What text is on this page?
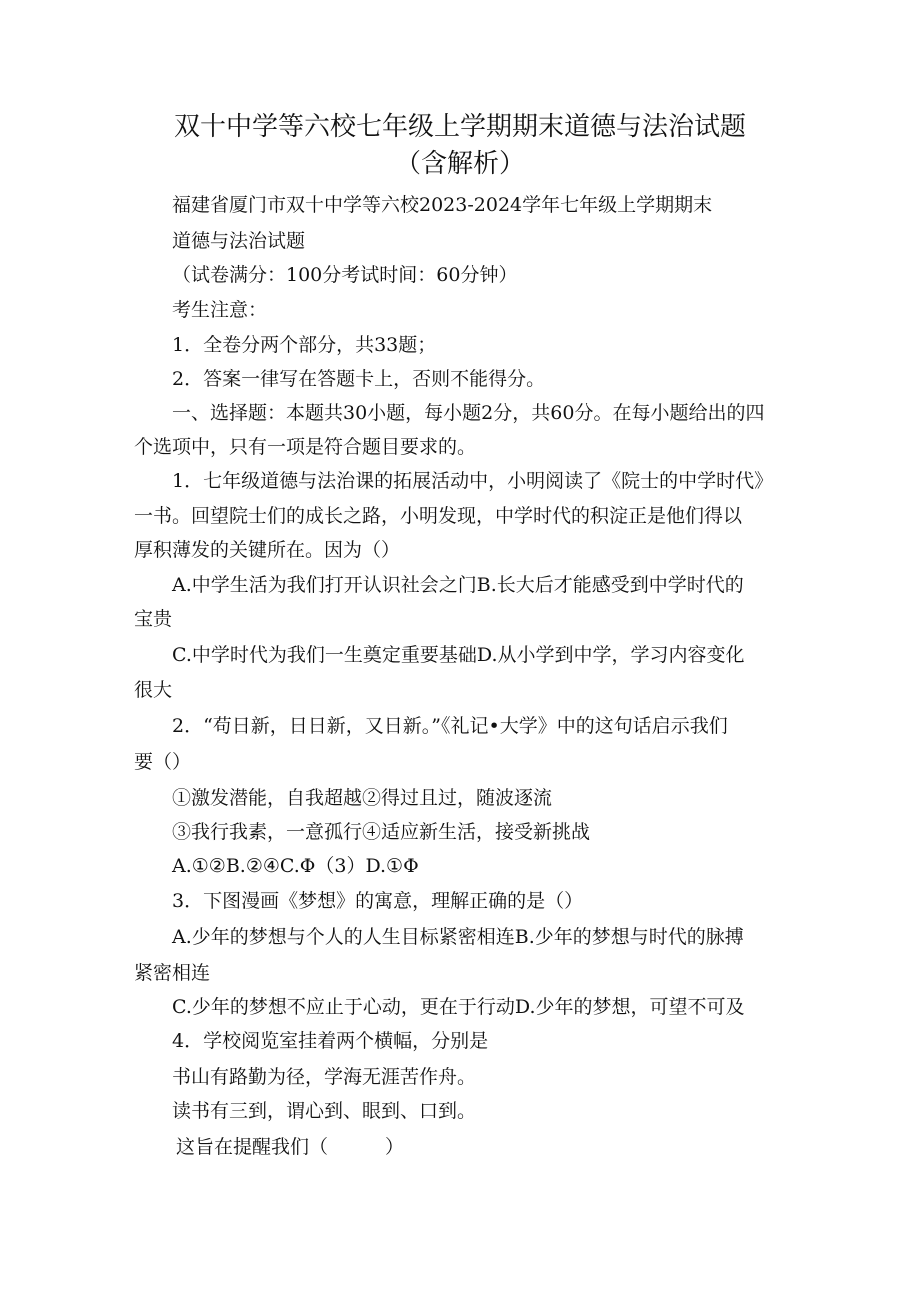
双十中学等六校七年级上学期期末道德与法治试题
（含解析）
福建省厦门市双十中学等六校2023-2024学年七年级上学期期末
道德与法治试题
（试卷满分：100分考试时间：60分钟）
考生注意：
1．全卷分两个部分，共33题；
2．答案一律写在答题卡上，否则不能得分。
一、选择题：本题共30小题，每小题2分，共60分。在每小题给出的四
个选项中，只有一项是符合题目要求的。
1．七年级道德与法治课的拓展活动中，小明阅读了《院士的中学时代》
一书。回望院士们的成长之路，小明发现，中学时代的积淀正是他们得以
厚积薄发的关键所在。因为（）
A.中学生活为我们打开认识社会之门B.长大后才能感受到中学时代的
宝贵
C.中学时代为我们一生奠定重要基础D.从小学到中学，学习内容变化
很大
2．“苟日新，日日新，又日新。”《礼记•大学》中的这句话启示我们
要（）
①激发潜能，自我超越②得过且过，随波逐流
③我行我素，一意孤行④适应新生活，接受新挑战
A.①②B.②④C.Φ（3）D.①Φ
3．下图漫画《梦想》的寓意，理解正确的是（）
A.少年的梦想与个人的人生目标紧密相连B.少年的梦想与时代的脉搏
紧密相连
C.少年的梦想不应止于心动，更在于行动D.少年的梦想，可望不可及
4．学校阅览室挂着两个横幅，分别是
书山有路勤为径，学海无涯苦作舟。
读书有三到，谓心到、眼到、口到。
这旨在提醒我们（　　　）
